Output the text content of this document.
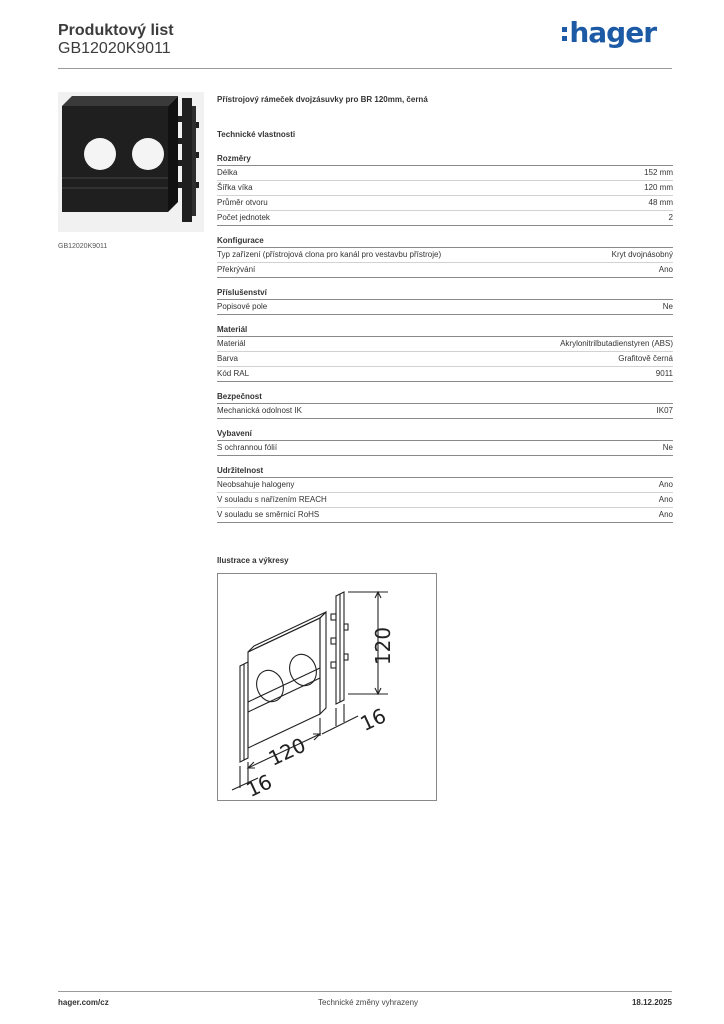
Produktový list
GB12020K9011	hager
GB12020K9011
Přístrojový rámeček dvojzásuvky pro BR 120mm, černá
Technické vlastnosti
Rozměry
Délka	152 mm
Šířka víka	120 mm
Průměr otvoru	48 mm
Počet jednotek	2
Konfigurace
Typ zařízení (přístrojová clona pro kanál pro vestavbu přístroje)	Kryt dvojnásobný
Překrývání	Ano
Příslušenství
Popisové pole	Ne
Materiál
Materiál	Akrylonitrilbutadienstyren (ABS)
Barva	Grafitově černá
Kód RAL	9011
Bezpečnost
Mechanická odolnost IK	IK07
Vybavení
S ochrannou fólií	Ne
Udržitelnost
Neobsahuje halogeny	Ano
V souladu s nařízením REACH	Ano
V souladu se směrnicí RoHS	Ano
Ilustrace a výkresy
120
16
120
16
hager.com/cz	Technické změny vyhrazeny	18.12.2025
